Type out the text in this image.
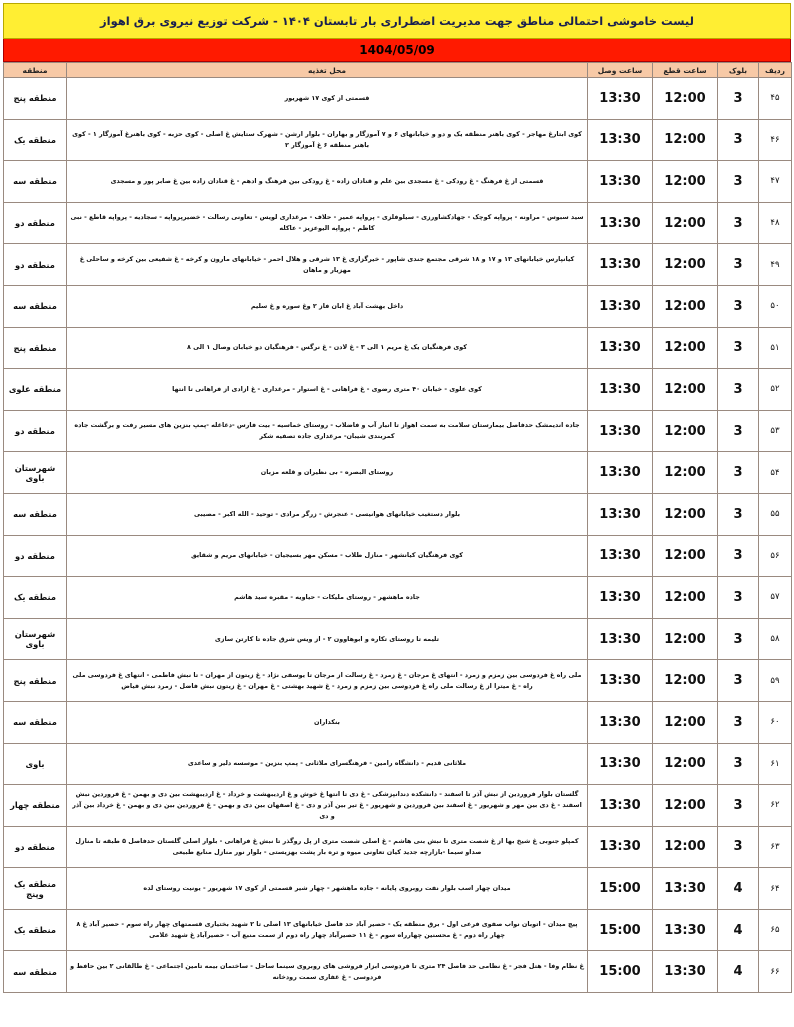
لیست خاموشی احتمالی مناطق جهت مدیریت اضطراری بار تابستان ۱۴۰۴ - شرکت توزیع نیروی برق اهواز
1404/05/09
ردیف	بلوک	ساعت قطع	ساعت وصل	محل تغذیه	منطقه
۴۵	3	12:00	13:30	قسمتی از کوی ۱۷ شهریور	منطقه پنج
۴۶	3	12:00	13:30	کوی ابتارغ مهاجر - کوی باهنر منطقه یک و دو و خیابانهای ۶ و ۷ آموزگار و بهاران - بلوار ارشن - شهرک ستایش غ اصلی - کوی حزبه - کوی باهنرغ آموزگار ۱ - کوی باهنر منطقه ۶ غ آموزگار ۲	منطقه یک
۴۷	3	12:00	13:30	قسمتی از غ فرهنگ - غ رودکی - غ مسجدی بین علم و قنادان زاده - غ رودکی بین فرهنگ و ادهم - غ قنادان زاده بین غ صابر پور و مسجدی	منطقه سه
۴۸	3	12:00	13:30	سید سبوس - مراونه - پرواپه کوچک - جهادکشاورزی - سیلوفلزی - پرواپه عمیر - حلاف - مرغداری لویس - تعاونی رسالت - خضیرپرواپه - سجادیه - پرواپه قاطع - نبی کاظم - پرواپه الیوعزیز - عاکله	منطقه دو
۴۹	3	12:00	13:30	کیانپارس خیابانهای ۱۳ و ۱۷ و ۱۸ شرقی مجتمع جندی شاپور - خیرگزاری غ ۱۳ شرقی و هلال احمر - خیابانهای مارون و کرخه - غ شفیعی بین کرخه و ساحلی غ مهزیار و ماهان	منطقه دو
۵۰	3	12:00	13:30	داخل بهشت آباد غ ابان فاز ۲ وغ سوره و غ سلیم	منطقه سه
۵۱	3	12:00	13:30	کوی فرهنگیان یک غ مریم ۱ الی ۳ - غ لادن - غ نرگس - فرهنگیان دو خیابان وصال ۱ الی ۸	منطقه پنج
۵۲	3	12:00	13:30	کوی علوی - خیابان ۴۰ متری رضوی - غ فراهانی - غ استوار - مرغداری - غ ازادی از فراهانی تا انتها	منطقه علوی
۵۳	3	12:00	13:30	جاده اندیمشک حدفاصل بیمارستان سلامت به سمت اهواز تا انبار آب و فاضلاب - روستای خماسیه - بیت فارس -دغاغله -پمپ بنزین های مسیر رفت و برگشت جاده کمربندی شیبان- مرغداری جاده تصفیه شکر	منطقه دو
۵۴	3	12:00	13:30	روستای البصره - بی نظیران و قلعه مزبان	شهرستان باوی
۵۵	3	12:00	13:30	بلوار دستغیب خیابانهای هوانیسی - عنجرش - زرگر مرادی - توحید - الله اکبر - مصیبی	منطقه سه
۵۶	3	12:00	13:30	کوی فرهنگیان کیانشهر - منازل طلاب - مسکن مهر بسیجیان - خیابانهای مریم و شقایق	منطقه دو
۵۷	3	12:00	13:30	جاده ماهشهر - روستای ملیکات - حیاویه - مقبره سید هاشم	منطقه یک
۵۸	3	12:00	13:30	تلیمه تا روستای تکاره و ابوهاوون ۲ - از ویس شرق جاده تا کارتن سازی	شهرستان باوی
۵۹	3	12:00	13:30	ملی راه غ فردوسی بین زمزم و زمرد - انتهای غ مرجان - غ زمرد - غ رسالت از مرجان تا یوسفی نژاد - غ زیتون از مهران - تا نبش فاطمی - انتهای غ فردوسی ملی راه - غ میترا از غ رسالت ملی راه غ فردوسی بین زمزم و زمرد - غ شهید بهشتی - غ مهران - غ زیتون نبش فاضل - زمرد نبش فیاض	منطقه پنج
۶۰	3	12:00	13:30	بنکداران	منطقه سه
۶۱	3	12:00	13:30	ملاثانی قدیم - دانشگاه رامین - فرهنگسرای ملاثانی - پمپ بنزین - موسسه دلیر و ساعدی	باوی
۶۲	3	12:00	13:30	گلستان بلوار فروردین از نبش آذر تا اسفند - دانشکده دندانپزشکی - غ دی تا انتها غ خوش و غ اردیبهشت و خرداد - غ اردیبهشت بین دی و بهمن - غ فروردین نبش اسفند - غ دی بین مهر و شهریور - غ اسفند بین فروردین و شهریور - غ تیر بین آذر و دی - غ اصفهان بین دی و بهمن - غ فروردین بین دی و بهمن - غ خرداد بین آذر و دی	منطقه چهار
۶۳	3	12:00	13:30	کمپلو جنوبی غ شیخ بها از غ شصت متری تا نبش بنی هاشم - غ اصلی شصت متری از پل روگذر تا نبش غ فراهانی - بلوار اصلی گلستان حدفاصل ۵ طبقه تا منازل صداو سیما -بازارچه جدید کیان تعاونی میوه و تره بار پشت بهزیستی - بلوار نور منازل منابع طبیعی	منطقه دو
۶۴	4	13:30	15:00	میدان چهار اسب بلوار نفت روبروی پایانه - جاده ماهشهر - چهار شیر قسمتی از کوی ۱۷ شهریور - یونیت روستای لده	منطقه یک وپنج
۶۵	4	13:30	15:00	پیچ میدان - اتوبان نواب صفوی فرعی اول - برق منطقه یک - حصیر آباد حد فاصل خیابانهای ۱۳ اصلی تا ۲ شهید بختیاری قسمتهای چهار راه سوم - حصیر آباد غ ۸ چهار راه دوم - غ محسنین چهارراه سوم - غ ۱۱ حصیرآباد چهار راه دوم از سمت منبع آب - حصیرآباد غ شهید غلامی	منطقه یک
۶۶	4	13:30	15:00	غ نظام وفا - هتل فجر - غ نظامی حد فاصل ۲۴ متری تا فردوسی ابزار فروشی های روبروی سینما ساحل - ساختمان بیمه تامین اجتماعی - غ طالقانی ۲ بین حافظ و فردوسی - غ غفاری سمت رودخانه	منطقه سه
